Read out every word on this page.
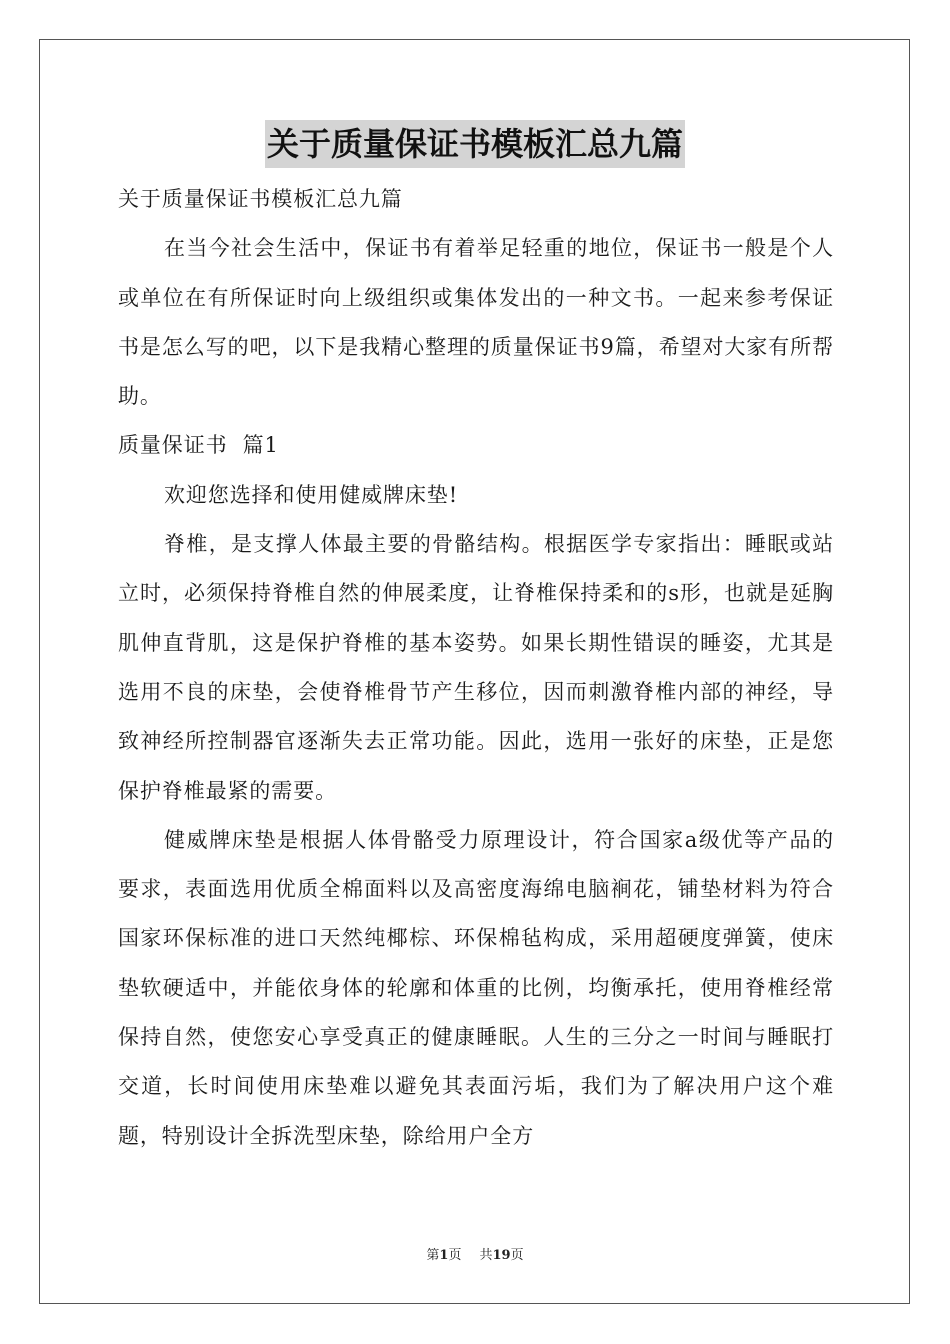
关于质量保证书模板汇总九篇

关于质量保证书模板汇总九篇

在当今社会生活中，保证书有着举足轻重的地位，保证书一般是个人或单位在有所保证时向上级组织或集体发出的一种文书。一起来参考保证书是怎么写的吧，以下是我精心整理的质量保证书9篇，希望对大家有所帮助。

质量保证书  篇1

欢迎您选择和使用健威牌床垫!

脊椎，是支撑人体最主要的骨骼结构。根据医学专家指出：睡眠或站立时，必须保持脊椎自然的伸展柔度，让脊椎保持柔和的s形，也就是延胸肌伸直背肌，这是保护脊椎的基本姿势。如果长期性错误的睡姿，尤其是选用不良的床垫，会使脊椎骨节产生移位，因而刺激脊椎内部的神经，导致神经所控制器官逐渐失去正常功能。因此，选用一张好的床垫，正是您保护脊椎最紧的需要。

健威牌床垫是根据人体骨骼受力原理设计，符合国家a级优等产品的要求，表面选用优质全棉面料以及高密度海绵电脑裥花，铺垫材料为符合国家环保标准的进口天然纯椰棕、环保棉毡构成，采用超硬度弹簧，使床垫软硬适中，并能依身体的轮廓和体重的比例，均衡承托，使用脊椎经常保持自然，使您安心享受真正的健康睡眠。人生的三分之一时间与睡眠打交道，长时间使用床垫难以避免其表面污垢，我们为了解决用户这个难题，特别设计全拆洗型床垫，除给用户全方

第1页 共19页
